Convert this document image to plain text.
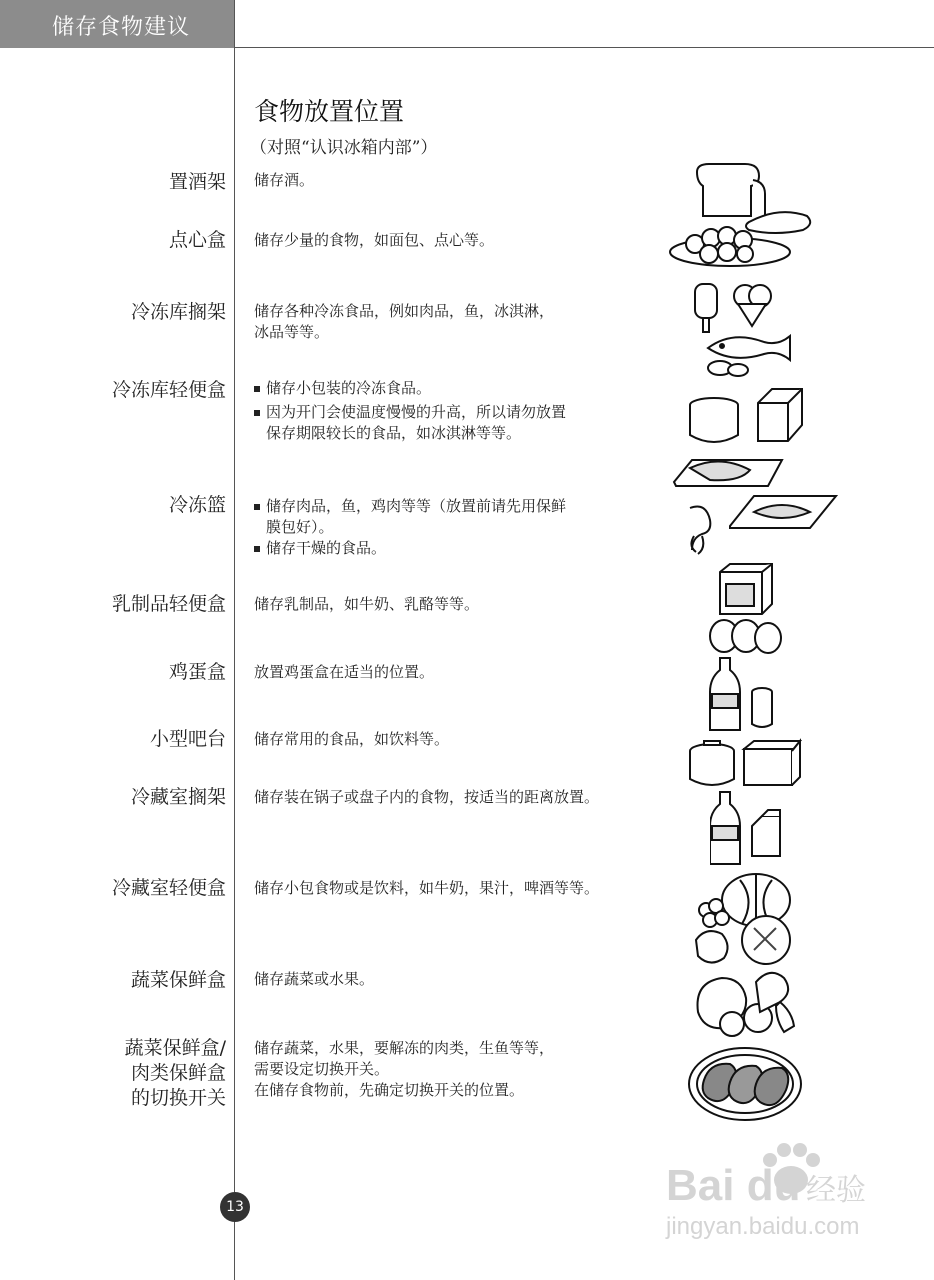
储存食物建议
食物放置位置
（对照“认识冰箱内部”）
置酒架 储存酒。
点心盒 储存少量的食物，如面包、点心等。
冷冻库搁架 储存各种冷冻食品，例如肉品，鱼，冰淇淋，
冰品等等。
冷冻库轻便盒	储存小包装的冷冻食品。
因为开门会使温度慢慢的升高，所以请勿放置
保存期限较长的食品，如冰淇淋等等。
冷冻篮	储存肉品，鱼，鸡肉等等（放置前请先用保鲜
膜包好）。
储存干燥的食品。
乳制品轻便盒 储存乳制品，如牛奶、乳酪等等。
鸡蛋盒 放置鸡蛋盒在适当的位置。
小型吧台 储存常用的食品，如饮料等。
冷藏室搁架 储存装在锅子或盘子内的食物，按适当的距离放置。
冷藏室轻便盒 储存小包食物或是饮料，如牛奶，果汁，啤酒等等。
蔬菜保鲜盒 储存蔬菜或水果。
蔬菜保鲜盒/
肉类保鲜盒
的切换开关
储存蔬菜，水果，要解冻的肉类，生鱼等等，
需要设定切换开关。
在储存食物前，先确定切换开关的位置。
13	Bai du 经验
jingyan.baidu.com
